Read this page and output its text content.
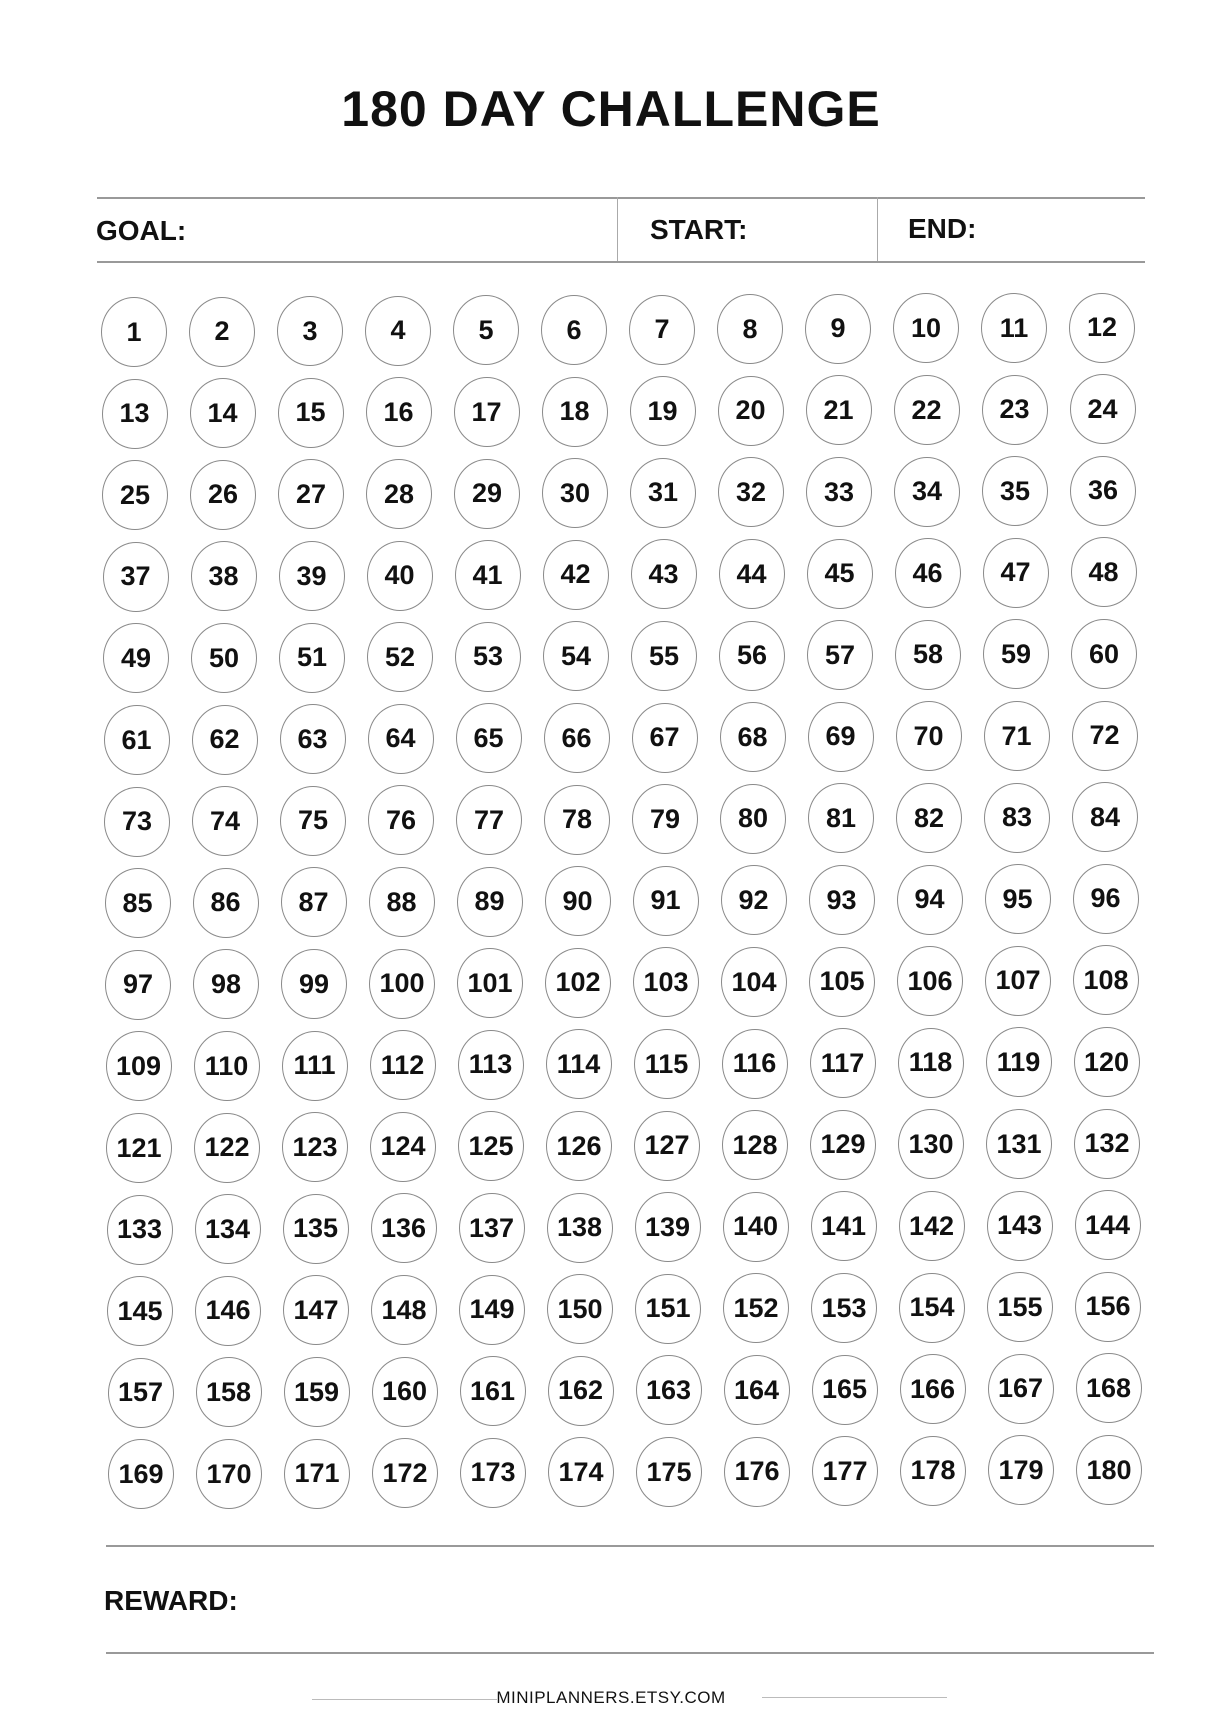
180 DAY CHALLENGE
GOAL:	START:	END:
1	2	3	4	5	6	7	8	9	10	11	12
13	14	15	16	17	18	19	20	21	22	23	24
25	26	27	28	29	30	31	32	33	34	35	36
37	38	39	40	41	42	43	44	45	46	47	48
49	50	51	52	53	54	55	56	57	58	59	60
61	62	63	64	65	66	67	68	69	70	71	72
73	74	75	76	77	78	79	80	81	82	83	84
85	86	87	88	89	90	91	92	93	94	95	96
97	98	99	100	101	102	103	104	105	106	107	108
109	110	111	112	113	114	115	116	117	118	119	120
121	122	123	124	125	126	127	128	129	130	131	132
133	134	135	136	137	138	139	140	141	142	143	144
145	146	147	148	149	150	151	152	153	154	155	156
157	158	159	160	161	162	163	164	165	166	167	168
169	170	171	172	173	174	175	176	177	178	179	180
REWARD:
MINIPLANNERS.ETSY.COM
